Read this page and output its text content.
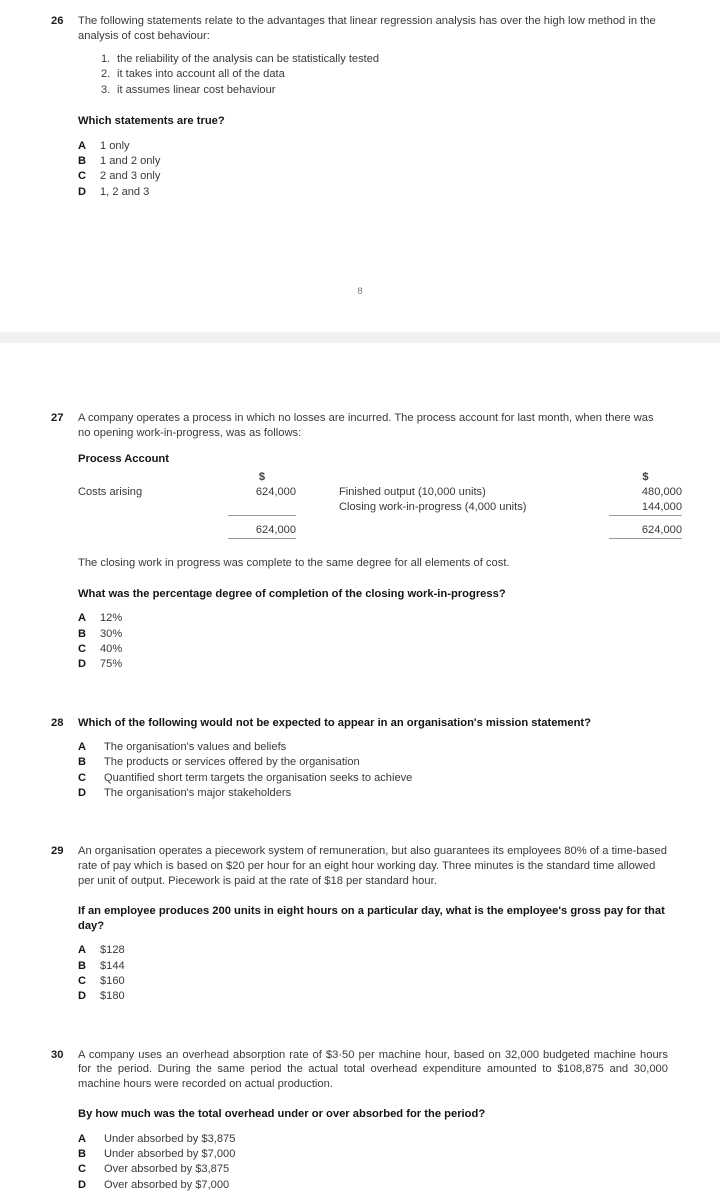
26 The following statements relate to the advantages that linear regression analysis has over the high low method in the analysis of cost behaviour:
1. the reliability of the analysis can be statistically tested
2. it takes into account all of the data
3. it assumes linear cost behaviour
Which statements are true?
A 1 only
B 1 and 2 only
C 2 and 3 only
D 1, 2 and 3
8
27 A company operates a process in which no losses are incurred. The process account for last month, when there was no opening work-in-progress, was as follows:
Process Account
	$			$
Costs arising	624,000		Finished output (10,000 units)	480,000
			Closing work-in-progress (4,000 units)	144,000

	624,000			624,000

The closing work in progress was complete to the same degree for all elements of cost.
What was the percentage degree of completion of the closing work-in-progress?
A 12%
B 30%
C 40%
D 75%
28 Which of the following would not be expected to appear in an organisation's mission statement?
A The organisation's values and beliefs
B The products or services offered by the organisation
C Quantified short term targets the organisation seeks to achieve
D The organisation's major stakeholders
29 An organisation operates a piecework system of remuneration, but also guarantees its employees 80% of a time-based rate of pay which is based on $20 per hour for an eight hour working day. Three minutes is the standard time allowed per unit of output. Piecework is paid at the rate of $18 per standard hour.
If an employee produces 200 units in eight hours on a particular day, what is the employee's gross pay for that day?
A $128
B $144
C $160
D $180
30 A company uses an overhead absorption rate of $3·50 per machine hour, based on 32,000 budgeted machine hours for the period. During the same period the actual total overhead expenditure amounted to $108,875 and 30,000 machine hours were recorded on actual production.
By how much was the total overhead under or over absorbed for the period?
A Under absorbed by $3,875
B Under absorbed by $7,000
C Over absorbed by $3,875
D Over absorbed by $7,000
